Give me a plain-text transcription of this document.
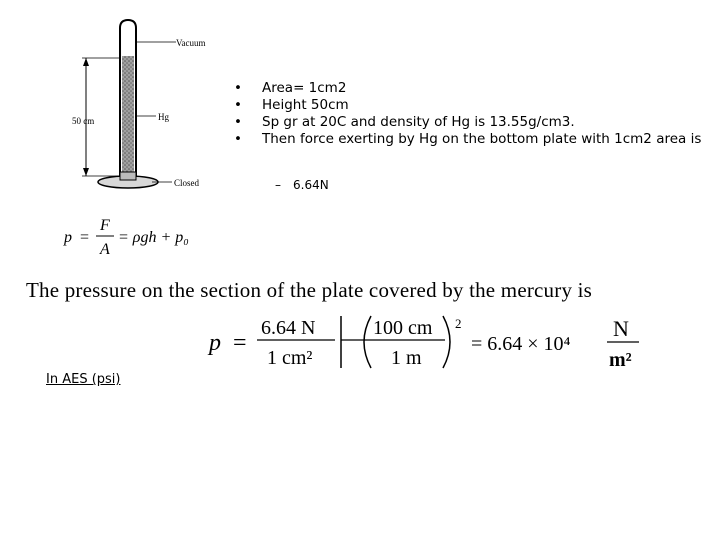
50 cm
Vacuum
Hg
Closed
• Area= 1cm2
• Height 50cm
• Sp gr at 20C and density of Hg is 13.55g/cm3.
• Then force exerting by Hg on the bottom plate with 1cm2 area is
– 6.64N
p =
F
A
= ρgh + p₀
The pressure on the section of the plate covered by the mercury is
p =
6.64 N
1 cm²
100 cm
1 m
2
= 6.64 × 10⁴
N
m²
In AES (psi)
